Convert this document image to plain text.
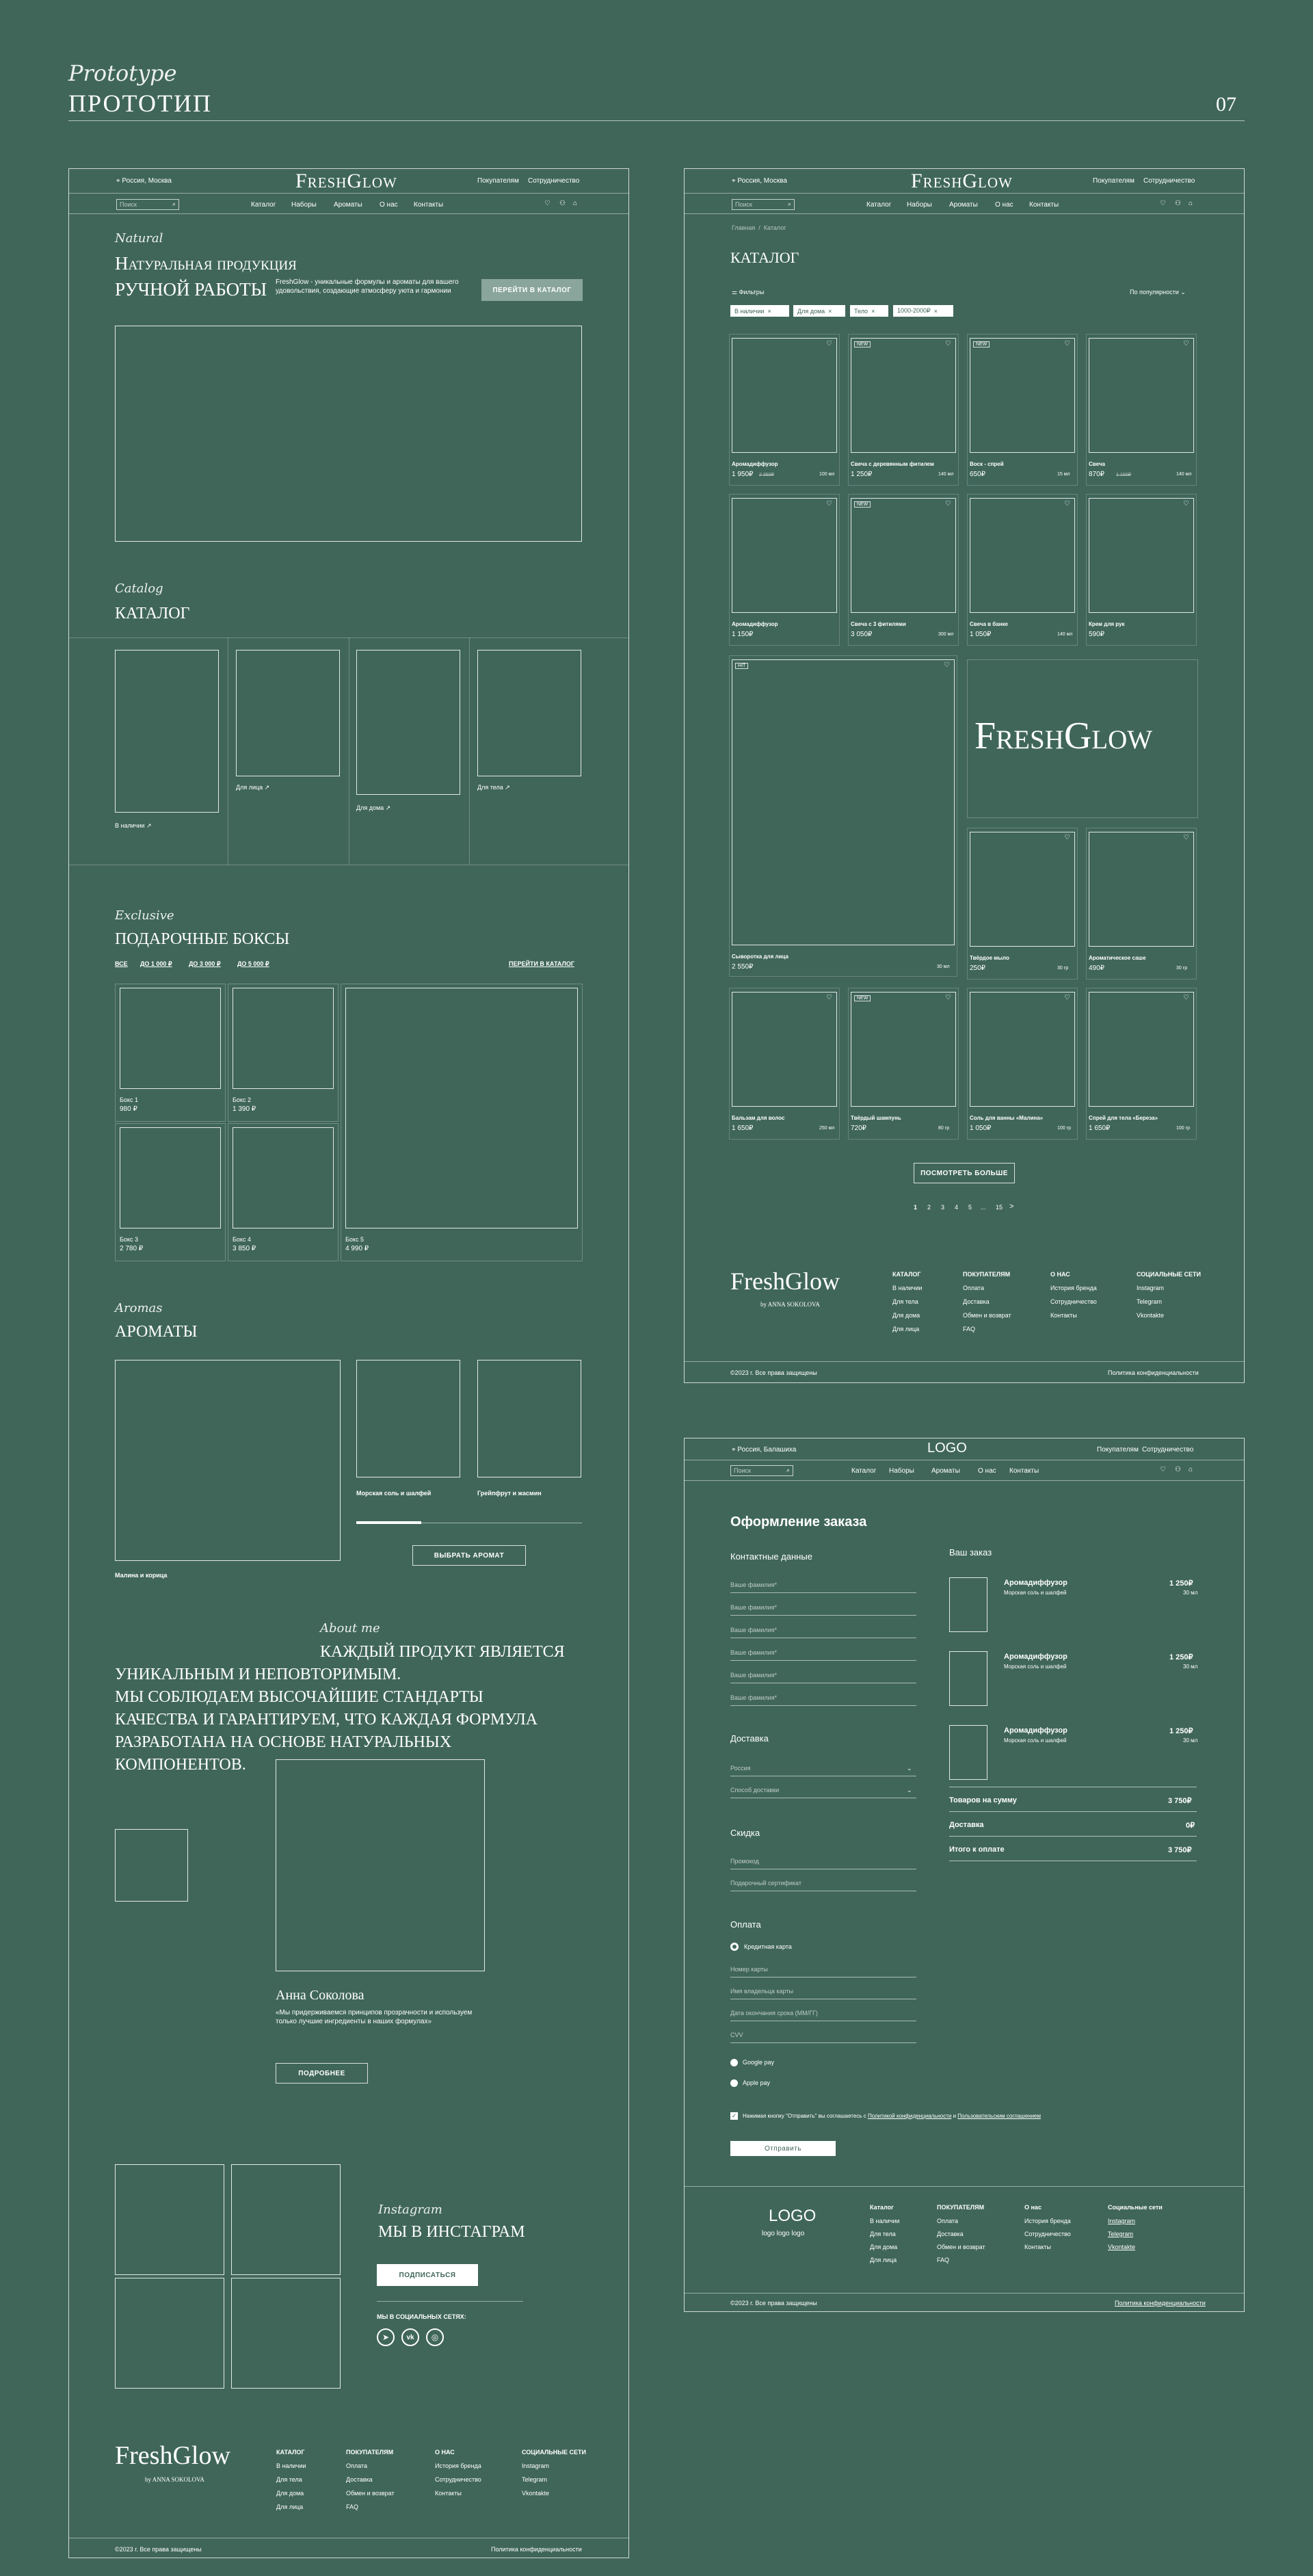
Prototype
ПРОТОТИП	07
⌖ Россия, Москва	FreshGlow	Покупателям Сотрудничество
Поиск	⌕	Каталог Наборы	Ароматы	О нас Контакты	♡ ⚇ ⌂
Natural
Натуральная продукция
РУЧНОЙ РАБОТЫ FreshGlow - уникальные формулы и ароматы для вашего удовольствия, создающие атмосферу уюта и гармонии	ПЕРЕЙТИ В КАТАЛОГ
Catalog
КАТАЛОГ
В наличии ↗
Для лица ↗
Для дома ↗
Для тела ↗
Exclusive
ПОДАРОЧНЫЕ БОКСЫ
ВСЕ ДО 1 000 ₽	ДО 3 000 ₽	ДО 5 000 ₽	ПЕРЕЙТИ В КАТАЛОГ
Бокс 1
980 ₽
Бокс 2
1 390 ₽
Бокс 3
2 780 ₽
Бокс 4
3 850 ₽
Бокс 5
4 990 ₽
Aromas
АРОМАТЫ
Малина и корица
Морская соль и шалфей	Грейпфрут и жасмин
ВЫБРАТЬ АРОМАТ
About me
КАЖДЫЙ ПРОДУКТ ЯВЛЯЕТСЯ
УНИКАЛЬНЫМ И НЕПОВТОРИМЫМ.
МЫ СОБЛЮДАЕМ ВЫСОЧАЙШИЕ СТАНДАРТЫ
КАЧЕСТВА И ГАРАНТИРУЕМ, ЧТО КАЖДАЯ ФОРМУЛА
РАЗРАБОТАНА НА ОСНОВЕ НАТУРАЛЬНЫХ
КОМПОНЕНТОВ.
Анна Соколова
«Мы придерживаемся принципов прозрачности и используем только лучшие ингредиенты в наших формулах»
ПОДРОБНЕЕ
Instagram
МЫ В ИНСТАГРАМ
ПОДПИСАТЬСЯ
МЫ В СОЦИАЛЬНЫХ СЕТЯХ:
➤	vk	◎
FreshGlow
by ANNA SOKOLOVA
КАТАЛОГ
В наличии
Для тела
Для дома
Для лица
ПОКУПАТЕЛЯМ
Оплата
Доставка
Обмен и возврат
FAQ
О НАС
История бренда
Сотрудничество
Контакты
СОЦИАЛЬНЫЕ СЕТИ
Instagram
Telegram
Vkontakte
©2023 г. Все права защищены	Политика конфиденциальности
⌖ Россия, Москва	FreshGlow	Покупателям Сотрудничество
Поиск	⌕	Каталог Наборы	Ароматы	О нас Контакты	♡ ⚇ ⌂
Главная  /  Каталог
КАТАЛОГ
⚌ Фильтры	По популярности ⌄
В наличии ×	Для дома ×	Тело ×	1000-2000₽ ×
♡
Аромадиффузор
1 950₽ 2 350₽	100 мл
♡
NEW
Свеча с деревянным фитилем
1 250₽	140 мл
♡
NEW
Воск - спрей
650₽	15 мл
♡
Свеча
870₽ 1 150₽	140 мл
♡
Аромадиффузор
1 150₽
♡
NEW
Свеча с 3 фитилями
3 050₽	300 мл
♡
Свеча в банке
1 050₽	140 мл
♡
Крем для рук
590₽
♡
HIT
Сыворотка для лица
2 550₽	30 мл
♡
Твёрдое мыло
250₽	30 гр
♡
Ароматическое саше
490₽	30 гр
♡
Бальзам для волос
1 650₽	250 мл
♡
NEW
Твёрдый шампунь
720₽	80 гр
♡
Соль для ванны «Малина»
1 050₽	100 гр
♡
Спрей для тела «Береза»
1 650₽	100 гр
FreshGlow
ПОСМОТРЕТЬ БОЛЬШЕ
1 2 3 4 5 ... 15 >
FreshGlow
by ANNA SOKOLOVA
КАТАЛОГ
В наличии
Для тела
Для дома
Для лица
ПОКУПАТЕЛЯМ
Оплата
Доставка
Обмен и возврат
FAQ
О НАС
История бренда
Сотрудничество
Контакты
СОЦИАЛЬНЫЕ СЕТИ
Instagram
Telegram
Vkontakte
©2023 г. Все права защищены	Политика конфиденциальности
⌖ Россия, Балашиха	LOGO	Покупателям Сотрудничество
Поиск	⌕	Каталог Наборы	Ароматы	О нас Контакты	♡ ⚇ ⌂
Оформление заказа
Контактные данные
Ваше фамилия*
Ваше фамилия*
Ваше фамилия*
Ваше фамилия*
Ваше фамилия*
Ваше фамилия*
Доставка
Россия	⌄
Способ доставки	⌄
Скидка
Промокод
Подарочный сертификат
Оплата
Кредитная карта
Номер карты
Имя владельца карты
Дата окончания срока (ММ/ГГ)
CVV
Google pay
Apple pay
✓ Нажимая кнопку "Отправить" вы соглашаетесь с Политикой конфиденциальности и Пользовательским соглашением
Отправить
Ваш заказ
Аромадиффузор
Морская соль и шалфей
1 250₽
30 мл
Аромадиффузор
Морская соль и шалфей
1 250₽
30 мл
Аромадиффузор
Морская соль и шалфей
1 250₽
30 мл
Товаров на сумму	3 750₽
Доставка	0₽
Итого к оплате	3 750₽
LOGO
logo logo logo
Каталог
В наличии
Для тела
Для дома
Для лица
ПОКУПАТЕЛЯМ
Оплата
Доставка
Обмен и возврат
FAQ
О нас
История бренда
Сотрудничество
Контакты
Социальные сети
Instagram
Telegram
Vkontakte
©2023 г. Все права защищены	Политика конфиденциальности
